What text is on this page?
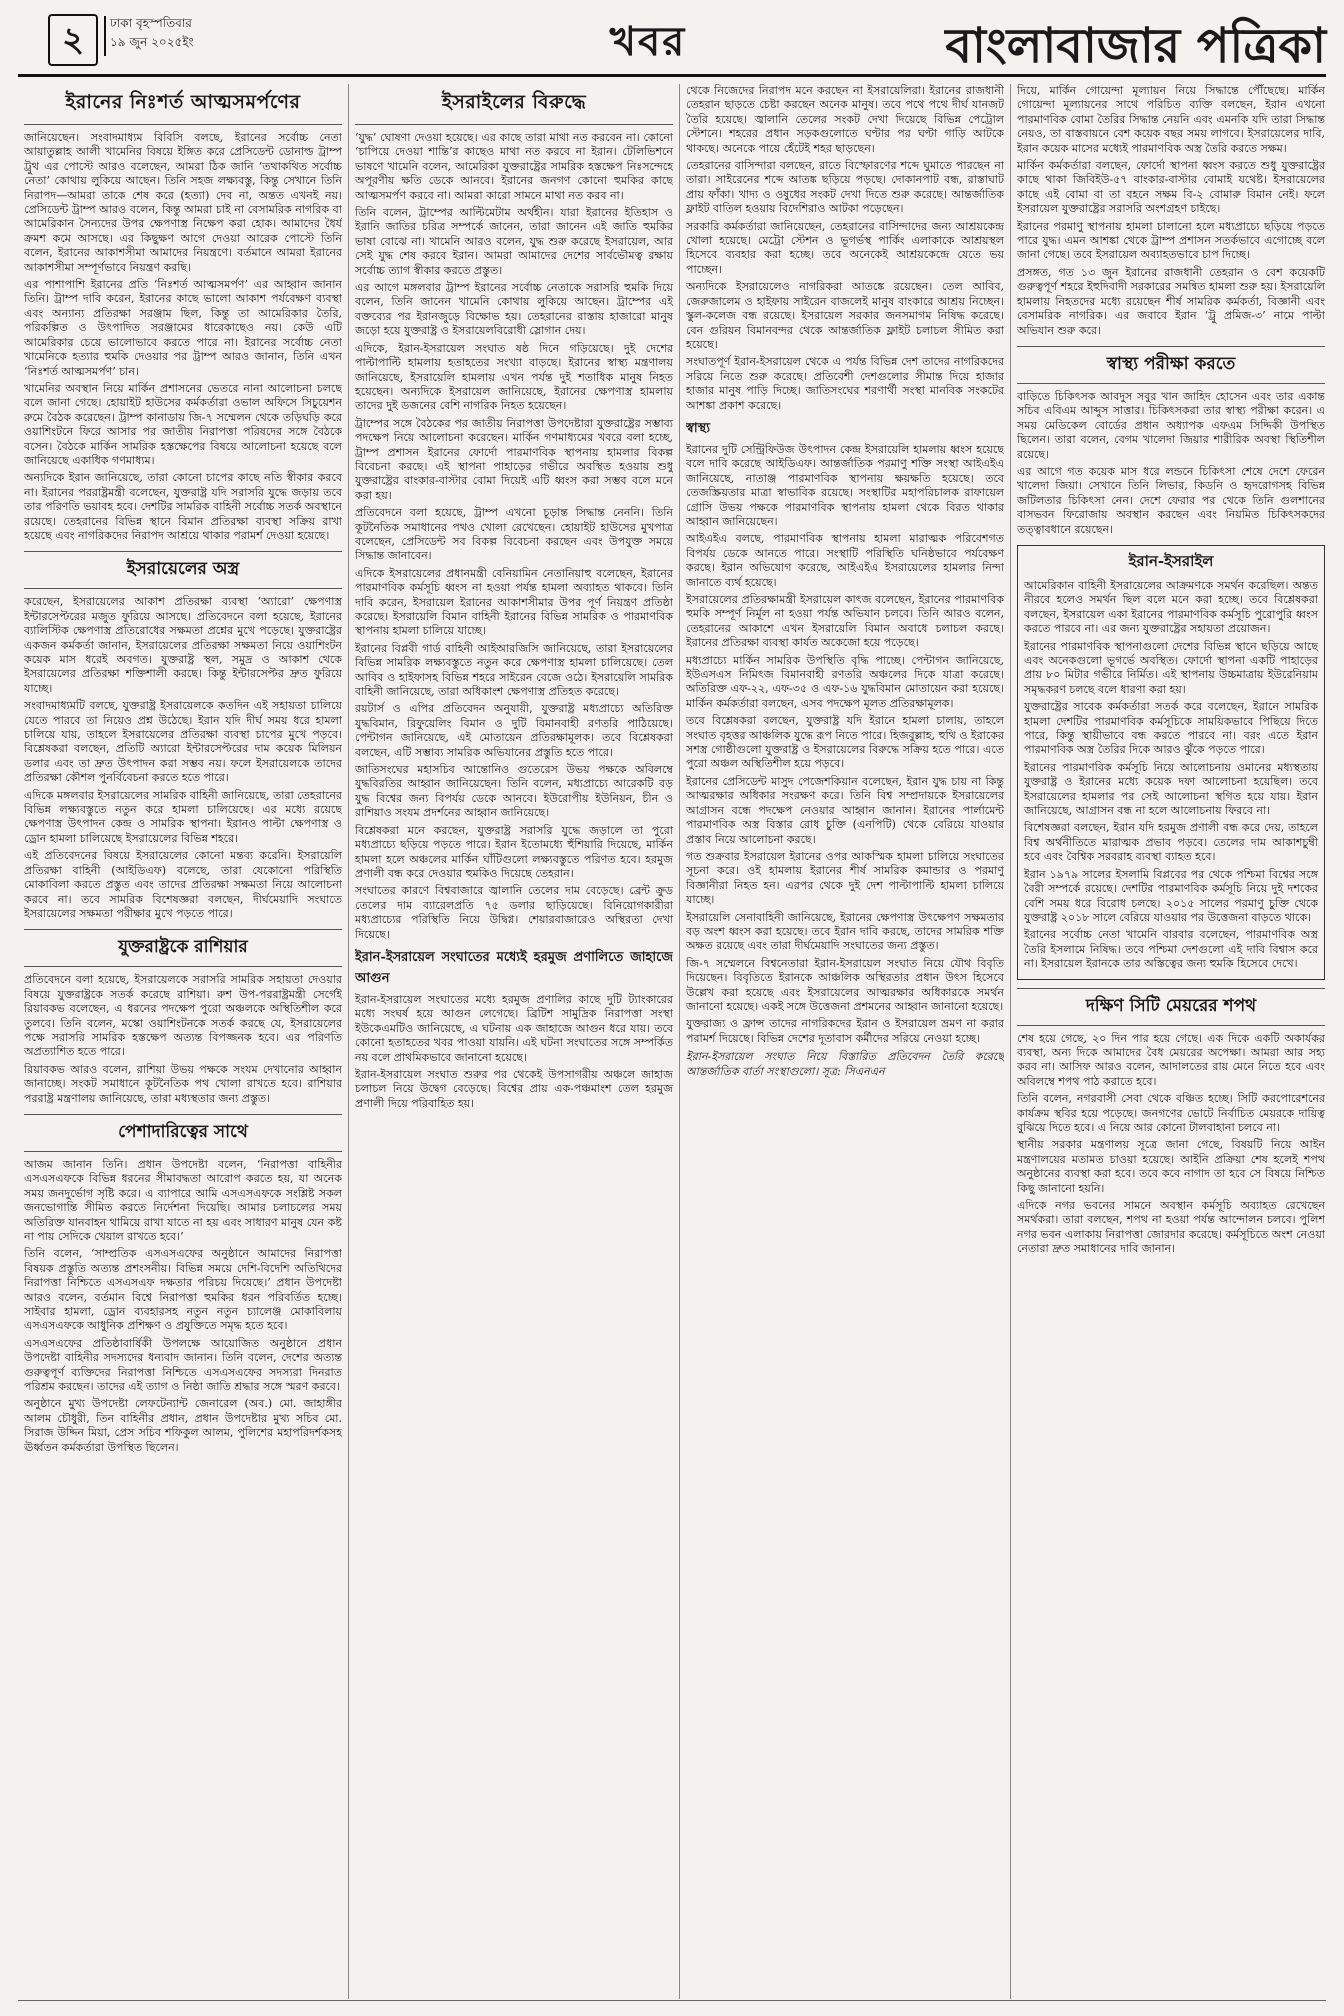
২	ঢাকা বৃহস্পতিবার
১৯ জুন ২০২৫ইং	খবর	বাংলাবাজার পত্রিকা
ইরানের নিঃশর্ত আত্মসমর্পণের

জানিয়েছেন। সংবাদমাধ্যম বিবিসি বলছে, ইরানের সর্বোচ্চ নেতা আয়াতুল্লাহ আলী খামেনির বিষয়ে ইঙ্গিত করে প্রেসিডেন্ট ডোনাল্ড ট্রাম্প ট্রুথ এর পোস্টে আরও বলেছেন, আমরা ঠিক জানি ‘তথাকথিত সর্বোচ্চ নেতা’ কোথায় লুকিয়ে আছেন। তিনি সহজ লক্ষ্যবস্তু, কিন্তু সেখানে তিনি নিরাপদ—আমরা তাকে শেষ করে (হত্যা) দেব না, অন্তত এখনই নয়। প্রেসিডেন্ট ট্রাম্প আরও বলেন, কিন্তু আমরা চাই না বেসামরিক নাগরিক বা আমেরিকান সৈন্যদের উপর ক্ষেপণাস্ত্র নিক্ষেপ করা হোক। আমাদের ধৈর্য ক্রমশ কমে আসছে। এর কিছুক্ষণ আগে দেওয়া আরেক পোস্টে তিনি বলেন, ইরানের আকাশসীমা আমাদের নিয়ন্ত্রণে। বর্তমানে আমরা ইরানের আকাশসীমা সম্পূর্ণভাবে নিয়ন্ত্রণ করছি।

এর পাশাপাশি ইরানের প্রতি ‘নিঃশর্ত আত্মসমর্পণ’ এর আহ্বান জানান তিনি। ট্রাম্প দাবি করেন, ইরানের কাছে ভালো আকাশ পর্যবেক্ষণ ব্যবস্থা এবং অন্যান্য প্রতিরক্ষা সরঞ্জাম ছিল, কিন্তু তা আমেরিকার তৈরি, পরিকল্পিত ও উৎপাদিত সরঞ্জামের ধারেকাছেও নয়। কেউ এটি আমেরিকার চেয়ে ভালোভাবে করতে পারে না। ইরানের সর্বোচ্চ নেতা খামেনিকে হত্যার হুমকি দেওয়ার পর ট্রাম্প আরও জানান, তিনি এখন ‘নিঃশর্ত আত্মসমর্পণ’ চান।

খামেনির অবস্থান নিয়ে মার্কিন প্রশাসনের ভেতরে নানা আলোচনা চলছে বলে জানা গেছে। হোয়াইট হাউসের কর্মকর্তারা ওভাল অফিসে সিচুয়েশন রুমে বৈঠক করেছেন। ট্রাম্প কানাডায় জি-৭ সম্মেলন থেকে তড়িঘড়ি করে ওয়াশিংটনে ফিরে আসার পর জাতীয় নিরাপত্তা পরিষদের সঙ্গে বৈঠকে বসেন। বৈঠকে মার্কিন সামরিক হস্তক্ষেপের বিষয়ে আলোচনা হয়েছে বলে জানিয়েছে একাধিক গণমাধ্যম।

অন্যদিকে ইরান জানিয়েছে, তারা কোনো চাপের কাছে নতি স্বীকার করবে না। ইরানের পররাষ্ট্রমন্ত্রী বলেছেন, যুক্তরাষ্ট্র যদি সরাসরি যুদ্ধে জড়ায় তবে তার পরিণতি ভয়াবহ হবে। দেশটির সামরিক বাহিনী সর্বোচ্চ সতর্ক অবস্থানে রয়েছে। তেহরানের বিভিন্ন স্থানে বিমান প্রতিরক্ষা ব্যবস্থা সক্রিয় রাখা হয়েছে এবং নাগরিকদের নিরাপদ আশ্রয়ে থাকার পরামর্শ দেওয়া হয়েছে।

ইসরায়েলের অস্ত্র

করেছেন, ইসরায়েলের আকাশ প্রতিরক্ষা ব্যবস্থা ‘অ্যারো’ ক্ষেপণাস্ত্র ইন্টারসেপ্টরের মজুত ফুরিয়ে আসছে। প্রতিবেদনে বলা হয়েছে, ইরানের ব্যালিস্টিক ক্ষেপণাস্ত্র প্রতিরোধের সক্ষমতা প্রশ্নের মুখে পড়েছে। যুক্তরাষ্ট্রের একজন কর্মকর্তা জানান, ইসরায়েলের প্রতিরক্ষা সক্ষমতা নিয়ে ওয়াশিংটন কয়েক মাস ধরেই অবগত। যুক্তরাষ্ট্র স্থল, সমুদ্র ও আকাশ থেকে ইসরায়েলের প্রতিরক্ষা শক্তিশালী করছে। কিন্তু ইন্টারসেপ্টর দ্রুত ফুরিয়ে যাচ্ছে।

সংবাদমাধ্যমটি বলছে, যুক্তরাষ্ট্র ইসরায়েলকে কতদিন এই সহায়তা চালিয়ে যেতে পারবে তা নিয়েও প্রশ্ন উঠেছে। ইরান যদি দীর্ঘ সময় ধরে হামলা চালিয়ে যায়, তাহলে ইসরায়েলের প্রতিরক্ষা ব্যবস্থা চাপের মুখে পড়বে। বিশ্লেষকরা বলছেন, প্রতিটি অ্যারো ইন্টারসেপ্টরের দাম কয়েক মিলিয়ন ডলার এবং তা দ্রুত উৎপাদন করা সম্ভব নয়। ফলে ইসরায়েলকে তাদের প্রতিরক্ষা কৌশল পুনর্বিবেচনা করতে হতে পারে।

এদিকে মঙ্গলবার ইসরায়েলের সামরিক বাহিনী জানিয়েছে, তারা তেহরানের বিভিন্ন লক্ষ্যবস্তুতে নতুন করে হামলা চালিয়েছে। এর মধ্যে রয়েছে ক্ষেপণাস্ত্র উৎপাদন কেন্দ্র ও সামরিক স্থাপনা। ইরানও পাল্টা ক্ষেপণাস্ত্র ও ড্রোন হামলা চালিয়েছে ইসরায়েলের বিভিন্ন শহরে।

এই প্রতিবেদনের বিষয়ে ইসরায়েলের কোনো মন্তব্য করেনি। ইসরায়েলি প্রতিরক্ষা বাহিনী (আইডিএফ) বলেছে, তারা যেকোনো পরিস্থিতি মোকাবিলা করতে প্রস্তুত এবং তাদের প্রতিরক্ষা সক্ষমতা নিয়ে আলোচনা করবে না। তবে সামরিক বিশেষজ্ঞরা বলছেন, দীর্ঘমেয়াদি সংঘাতে ইসরায়েলের সক্ষমতা পরীক্ষার মুখে পড়তে পারে।

যুক্তরাষ্ট্রকে রাশিয়ার

প্রতিবেদনে বলা হয়েছে, ইসরায়েলকে সরাসরি সামরিক সহায়তা দেওয়ার বিষয়ে যুক্তরাষ্ট্রকে সতর্ক করেছে রাশিয়া। রুশ উপ-পররাষ্ট্রমন্ত্রী সের্গেই রিয়াবকভ বলেছেন, এ ধরনের পদক্ষেপ পুরো অঞ্চলকে অস্থিতিশীল করে তুলবে। তিনি বলেন, মস্কো ওয়াশিংটনকে সতর্ক করছে যে, ইসরায়েলের পক্ষে সরাসরি সামরিক হস্তক্ষেপ অত্যন্ত বিপজ্জনক হবে। এর পরিণতি অপ্রত্যাশিত হতে পারে।

রিয়াবকভ আরও বলেন, রাশিয়া উভয় পক্ষকে সংযম দেখানোর আহ্বান জানাচ্ছে। সংকট সমাধানে কূটনৈতিক পথ খোলা রাখতে হবে। রাশিয়ার পররাষ্ট্র মন্ত্রণালয় জানিয়েছে, তারা মধ্যস্থতার জন্য প্রস্তুত।

পেশাদারিত্বের সাথে

আজম জানান তিনি। প্রধান উপদেষ্টা বলেন, ‘নিরাপত্তা বাহিনীর এসএসএফকে বিভিন্ন ধরনের সীমাবদ্ধতা আরোপ করতে হয়, যা অনেক সময় জনদুর্ভোগ সৃষ্টি করে। এ ব্যাপারে আমি এসএসএফকে সংশ্লিষ্ট সকল জনভোগান্তি সীমিত করতে নির্দেশনা দিয়েছি। আমার চলাচলের সময় অতিরিক্ত যানবাহন থামিয়ে রাখা যাতে না হয় এবং সাধারণ মানুষ যেন কষ্ট না পায় সেদিকে খেয়াল রাখতে হবে।’

তিনি বলেন, ‘সাম্প্রতিক এসএসএফের অনুষ্ঠানে আমাদের নিরাপত্তা বিষয়ক প্রস্তুতি অত্যন্ত প্রশংসনীয়। বিভিন্ন সময়ে দেশি-বিদেশি অতিথিদের নিরাপত্তা নিশ্চিতে এসএসএফ দক্ষতার পরিচয় দিয়েছে।’ প্রধান উপদেষ্টা আরও বলেন, বর্তমান বিশ্বে নিরাপত্তা হুমকির ধরন পরিবর্তিত হচ্ছে। সাইবার হামলা, ড্রোন ব্যবহারসহ নতুন নতুন চ্যালেঞ্জ মোকাবিলায় এসএসএফকে আধুনিক প্রশিক্ষণ ও প্রযুক্তিতে সমৃদ্ধ হতে হবে।

এসএসএফের প্রতিষ্ঠাবার্ষিকী উপলক্ষে আয়োজিত অনুষ্ঠানে প্রধান উপদেষ্টা বাহিনীর সদস্যদের ধন্যবাদ জানান। তিনি বলেন, দেশের অত্যন্ত গুরুত্বপূর্ণ ব্যক্তিদের নিরাপত্তা নিশ্চিতে এসএসএফের সদস্যরা দিনরাত পরিশ্রম করছেন। তাদের এই ত্যাগ ও নিষ্ঠা জাতি শ্রদ্ধার সঙ্গে স্মরণ করবে।

অনুষ্ঠানে মুখ্য উপদেষ্টা লেফটেন্যান্ট জেনারেল (অব.) মো. জাহাঙ্গীর আলম চৌধুরী, তিন বাহিনীর প্রধান, প্রধান উপদেষ্টার মুখ্য সচিব মো. সিরাজ উদ্দিন মিয়া, প্রেস সচিব শফিকুল আলম, পুলিশের মহাপরিদর্শকসহ ঊর্ধ্বতন কর্মকর্তারা উপস্থিত ছিলেন।

ইসরাইলের বিরুদ্ধে

‘যুদ্ধ’ ঘোষণা দেওয়া হয়েছে। এর কাছে তারা মাথা নত করবেন না। কোনো ‘চাপিয়ে দেওয়া শান্তি’র কাছেও মাথা নত করবে না ইরান। টেলিভিশনে ভাষণে খামেনি বলেন, আমেরিকা যুক্তরাষ্ট্রের সামরিক হস্তক্ষেপ নিঃসন্দেহে অপূরণীয় ক্ষতি ডেকে আনবে। ইরানের জনগণ কোনো হুমকির কাছে আত্মসমর্পণ করবে না। আমরা কারো সামনে মাথা নত করব না।

তিনি বলেন, ট্রাম্পের আল্টিমেটাম অর্থহীন। যারা ইরানের ইতিহাস ও ইরানি জাতির চরিত্র সম্পর্কে জানেন, তারা জানেন এই জাতি হুমকির ভাষা বোঝে না। খামেনি আরও বলেন, যুদ্ধ শুরু করেছে ইসরায়েল, আর সেই যুদ্ধ শেষ করবে ইরান। আমরা আমাদের দেশের সার্বভৌমত্ব রক্ষায় সর্বোচ্চ ত্যাগ স্বীকার করতে প্রস্তুত।

এর আগে মঙ্গলবার ট্রাম্প ইরানের সর্বোচ্চ নেতাকে সরাসরি হুমকি দিয়ে বলেন, তিনি জানেন খামেনি কোথায় লুকিয়ে আছেন। ট্রাম্পের এই বক্তব্যের পর ইরানজুড়ে বিক্ষোভ হয়। তেহরানের রাস্তায় হাজারো মানুষ জড়ো হয়ে যুক্তরাষ্ট্র ও ইসরায়েলবিরোধী স্লোগান দেয়।

এদিকে, ইরান-ইসরায়েল সংঘাত ষষ্ঠ দিনে গড়িয়েছে। দুই দেশের পাল্টাপাল্টি হামলায় হতাহতের সংখ্যা বাড়ছে। ইরানের স্বাস্থ্য মন্ত্রণালয় জানিয়েছে, ইসরায়েলি হামলায় এখন পর্যন্ত দুই শতাধিক মানুষ নিহত হয়েছেন। অন্যদিকে ইসরায়েল জানিয়েছে, ইরানের ক্ষেপণাস্ত্র হামলায় তাদের দুই ডজনের বেশি নাগরিক নিহত হয়েছেন।

ট্রাম্পের সঙ্গে বৈঠকের পর জাতীয় নিরাপত্তা উপদেষ্টারা যুক্তরাষ্ট্রের সম্ভাব্য পদক্ষেপ নিয়ে আলোচনা করেছেন। মার্কিন গণমাধ্যমের খবরে বলা হচ্ছে, ট্রাম্প প্রশাসন ইরানের ফোর্দো পারমাণবিক স্থাপনায় হামলার বিকল্প বিবেচনা করছে। এই স্থাপনা পাহাড়ের গভীরে অবস্থিত হওয়ায় শুধু যুক্তরাষ্ট্রের বাংকার-বাস্টার বোমা দিয়েই এটি ধ্বংস করা সম্ভব বলে মনে করা হয়।

প্রতিবেদনে বলা হয়েছে, ট্রাম্প এখনো চূড়ান্ত সিদ্ধান্ত নেননি। তিনি কূটনৈতিক সমাধানের পথও খোলা রেখেছেন। হোয়াইট হাউসের মুখপাত্র বলেছেন, প্রেসিডেন্ট সব বিকল্প বিবেচনা করছেন এবং উপযুক্ত সময়ে সিদ্ধান্ত জানাবেন।

এদিকে ইসরায়েলের প্রধানমন্ত্রী বেনিয়ামিন নেতানিয়াহু বলেছেন, ইরানের পারমাণবিক কর্মসূচি ধ্বংস না হওয়া পর্যন্ত হামলা অব্যাহত থাকবে। তিনি দাবি করেন, ইসরায়েল ইরানের আকাশসীমার উপর পূর্ণ নিয়ন্ত্রণ প্রতিষ্ঠা করেছে। ইসরায়েলি বিমান বাহিনী ইরানের বিভিন্ন সামরিক ও পারমাণবিক স্থাপনায় হামলা চালিয়ে যাচ্ছে।

ইরানের বিপ্লবী গার্ড বাহিনী আইআরজিসি জানিয়েছে, তারা ইসরায়েলের বিভিন্ন সামরিক লক্ষ্যবস্তুতে নতুন করে ক্ষেপণাস্ত্র হামলা চালিয়েছে। তেল আবিব ও হাইফাসহ বিভিন্ন শহরে সাইরেন বেজে ওঠে। ইসরায়েলি সামরিক বাহিনী জানিয়েছে, তারা অধিকাংশ ক্ষেপণাস্ত্র প্রতিহত করেছে।

রয়টার্স ও এপির প্রতিবেদন অনুযায়ী, যুক্তরাষ্ট্র মধ্যপ্রাচ্যে অতিরিক্ত যুদ্ধবিমান, রিফুয়েলিং বিমান ও দুটি বিমানবাহী রণতরি পাঠিয়েছে। পেন্টাগন জানিয়েছে, এই মোতায়েন প্রতিরক্ষামূলক। তবে বিশ্লেষকরা বলছেন, এটি সম্ভাব্য সামরিক অভিযানের প্রস্তুতি হতে পারে।

জাতিসংঘের মহাসচিব আন্তোনিও গুতেরেস উভয় পক্ষকে অবিলম্বে যুদ্ধবিরতির আহ্বান জানিয়েছেন। তিনি বলেন, মধ্যপ্রাচ্যে আরেকটি বড় যুদ্ধ বিশ্বের জন্য বিপর্যয় ডেকে আনবে। ইউরোপীয় ইউনিয়ন, চীন ও রাশিয়াও সংযম প্রদর্শনের আহ্বান জানিয়েছে।

বিশ্লেষকরা মনে করছেন, যুক্তরাষ্ট্র সরাসরি যুদ্ধে জড়ালে তা পুরো মধ্যপ্রাচ্যে ছড়িয়ে পড়তে পারে। ইরান ইতোমধ্যে হুঁশিয়ারি দিয়েছে, মার্কিন হামলা হলে অঞ্চলের মার্কিন ঘাঁটিগুলো লক্ষ্যবস্তুতে পরিণত হবে। হরমুজ প্রণালী বন্ধ করে দেওয়ার হুমকিও দিয়েছে তেহরান।

সংঘাতের কারণে বিশ্ববাজারে জ্বালানি তেলের দাম বেড়েছে। ব্রেন্ট ক্রুড তেলের দাম ব্যারেলপ্রতি ৭৫ ডলার ছাড়িয়েছে। বিনিয়োগকারীরা মধ্যপ্রাচ্যের পরিস্থিতি নিয়ে উদ্বিগ্ন। শেয়ারবাজারেও অস্থিরতা দেখা দিয়েছে।

ইরান-ইসরায়েল সংঘাতের মধ্যেই হরমুজ প্রণালিতে জাহাজে আগুন

ইরান-ইসরায়েল সংঘাতের মধ্যে হরমুজ প্রণালির কাছে দুটি ট্যাংকারের মধ্যে সংঘর্ষ হয়ে আগুন লেগেছে। ব্রিটিশ সামুদ্রিক নিরাপত্তা সংস্থা ইউকেএমটিও জানিয়েছে, এ ঘটনায় এক জাহাজে আগুন ধরে যায়। তবে কোনো হতাহতের খবর পাওয়া যায়নি। এই ঘটনা সংঘাতের সঙ্গে সম্পর্কিত নয় বলে প্রাথমিকভাবে জানানো হয়েছে।

ইরান-ইসরায়েল সংঘাত শুরুর পর থেকেই উপসাগরীয় অঞ্চলে জাহাজ চলাচল নিয়ে উদ্বেগ বেড়েছে। বিশ্বের প্রায় এক-পঞ্চমাংশ তেল হরমুজ প্রণালী দিয়ে পরিবাহিত হয়।

থেকে নিজেদের নিরাপদ মনে করছেন না ইসরায়েলিরা। ইরানের রাজধানী তেহরান ছাড়তে চেষ্টা করছেন অনেক মানুষ। তবে পথে পথে দীর্ঘ যানজট তৈরি হয়েছে। জ্বালানি তেলের সংকট দেখা দিয়েছে বিভিন্ন পেট্রোল স্টেশনে। শহরের প্রধান সড়কগুলোতে ঘণ্টার পর ঘণ্টা গাড়ি আটকে থাকছে। অনেকে পায়ে হেঁটেই শহর ছাড়ছেন।

তেহরানের বাসিন্দারা বলছেন, রাতে বিস্ফোরণের শব্দে ঘুমাতে পারছেন না তারা। সাইরেনের শব্দে আতঙ্ক ছড়িয়ে পড়ছে। দোকানপাট বন্ধ, রাস্তাঘাট প্রায় ফাঁকা। খাদ্য ও ওষুধের সংকট দেখা দিতে শুরু করেছে। আন্তর্জাতিক ফ্লাইট বাতিল হওয়ায় বিদেশিরাও আটকা পড়েছেন।

সরকারি কর্মকর্তারা জানিয়েছেন, তেহরানের বাসিন্দাদের জন্য আশ্রয়কেন্দ্র খোলা হয়েছে। মেট্রো স্টেশন ও ভূগর্ভস্থ পার্কিং এলাকাকে আশ্রয়স্থল হিসেবে ব্যবহার করা হচ্ছে। তবে অনেকেই আশ্রয়কেন্দ্রে যেতে ভয় পাচ্ছেন।

অন্যদিকে ইসরায়েলেও নাগরিকরা আতঙ্কে রয়েছেন। তেল আবিব, জেরুজালেম ও হাইফায় সাইরেন বাজলেই মানুষ বাংকারে আশ্রয় নিচ্ছেন। স্কুল-কলেজ বন্ধ রয়েছে। ইসরায়েল সরকার জনসমাগম নিষিদ্ধ করেছে। বেন গুরিয়ন বিমানবন্দর থেকে আন্তর্জাতিক ফ্লাইট চলাচল সীমিত করা হয়েছে।

সংঘাতপূর্ণ ইরান-ইসরায়েল থেকে এ পর্যন্ত বিভিন্ন দেশ তাদের নাগরিকদের সরিয়ে নিতে শুরু করেছে। প্রতিবেশী দেশগুলোর সীমান্ত দিয়ে হাজার হাজার মানুষ পাড়ি দিচ্ছে। জাতিসংঘের শরণার্থী সংস্থা মানবিক সংকটের আশঙ্কা প্রকাশ করেছে।

স্বাস্থ্য

ইরানের দুটি সেন্ট্রিফিউজ উৎপাদন কেন্দ্র ইসরায়েলি হামলায় ধ্বংস হয়েছে বলে দাবি করেছে আইডিএফ। আন্তর্জাতিক পরমাণু শক্তি সংস্থা আইএইএ জানিয়েছে, নাতাঞ্জ পারমাণবিক স্থাপনায় ক্ষয়ক্ষতি হয়েছে। তবে তেজস্ক্রিয়তার মাত্রা স্বাভাবিক রয়েছে। সংস্থাটির মহাপরিচালক রাফায়েল গ্রোসি উভয় পক্ষকে পারমাণবিক স্থাপনায় হামলা থেকে বিরত থাকার আহ্বান জানিয়েছেন।

আইএইএ বলছে, পারমাণবিক স্থাপনায় হামলা মারাত্মক পরিবেশগত বিপর্যয় ডেকে আনতে পারে। সংস্থাটি পরিস্থিতি ঘনিষ্ঠভাবে পর্যবেক্ষণ করছে। ইরান অভিযোগ করেছে, আইএইএ ইসরায়েলের হামলার নিন্দা জানাতে ব্যর্থ হয়েছে।

ইসরায়েলের প্রতিরক্ষামন্ত্রী ইসরায়েল কাৎজ বলেছেন, ইরানের পারমাণবিক হুমকি সম্পূর্ণ নির্মূল না হওয়া পর্যন্ত অভিযান চলবে। তিনি আরও বলেন, তেহরানের আকাশে এখন ইসরায়েলি বিমান অবাধে চলাচল করছে। ইরানের প্রতিরক্ষা ব্যবস্থা কার্যত অকেজো হয়ে পড়েছে।

মধ্যপ্রাচ্যে মার্কিন সামরিক উপস্থিতি বৃদ্ধি পাচ্ছে। পেন্টাগন জানিয়েছে, ইউএসএস নিমিৎজ বিমানবাহী রণতরি অঞ্চলের দিকে যাত্রা করেছে। অতিরিক্ত এফ-২২, এফ-৩৫ ও এফ-১৬ যুদ্ধবিমান মোতায়েন করা হয়েছে। মার্কিন কর্মকর্তারা বলছেন, এসব পদক্ষেপ মূলত প্রতিরক্ষামূলক।

তবে বিশ্লেষকরা বলছেন, যুক্তরাষ্ট্র যদি ইরানে হামলা চালায়, তাহলে সংঘাত বৃহত্তর আঞ্চলিক যুদ্ধে রূপ নিতে পারে। হিজবুল্লাহ, হুথি ও ইরাকের সশস্ত্র গোষ্ঠীগুলো যুক্তরাষ্ট্র ও ইসরায়েলের বিরুদ্ধে সক্রিয় হতে পারে। এতে পুরো অঞ্চল অস্থিতিশীল হয়ে পড়বে।

ইরানের প্রেসিডেন্ট মাসুদ পেজেশকিয়ান বলেছেন, ইরান যুদ্ধ চায় না কিন্তু আত্মরক্ষার অধিকার সংরক্ষণ করে। তিনি বিশ্ব সম্প্রদায়কে ইসরায়েলের আগ্রাসন বন্ধে পদক্ষেপ নেওয়ার আহ্বান জানান। ইরানের পার্লামেন্ট পারমাণবিক অস্ত্র বিস্তার রোধ চুক্তি (এনপিটি) থেকে বেরিয়ে যাওয়ার প্রস্তাব নিয়ে আলোচনা করছে।

গত শুক্রবার ইসরায়েল ইরানের ওপর আকস্মিক হামলা চালিয়ে সংঘাতের সূচনা করে। ওই হামলায় ইরানের শীর্ষ সামরিক কমান্ডার ও পরমাণু বিজ্ঞানীরা নিহত হন। এরপর থেকে দুই দেশ পাল্টাপাল্টি হামলা চালিয়ে যাচ্ছে।

ইসরায়েলি সেনাবাহিনী জানিয়েছে, ইরানের ক্ষেপণাস্ত্র উৎক্ষেপণ সক্ষমতার বড় অংশ ধ্বংস করা হয়েছে। তবে ইরান দাবি করছে, তাদের সামরিক শক্তি অক্ষত রয়েছে এবং তারা দীর্ঘমেয়াদি সংঘাতের জন্য প্রস্তুত।

জি-৭ সম্মেলনে বিশ্বনেতারা ইরান-ইসরায়েল সংঘাত নিয়ে যৌথ বিবৃতি দিয়েছেন। বিবৃতিতে ইরানকে আঞ্চলিক অস্থিরতার প্রধান উৎস হিসেবে উল্লেখ করা হয়েছে এবং ইসরায়েলের আত্মরক্ষার অধিকারকে সমর্থন জানানো হয়েছে। একই সঙ্গে উত্তেজনা প্রশমনের আহ্বান জানানো হয়েছে।

যুক্তরাজ্য ও ফ্রান্স তাদের নাগরিকদের ইরান ও ইসরায়েল ভ্রমণ না করার পরামর্শ দিয়েছে। বিভিন্ন দেশের দূতাবাস কর্মীদের সরিয়ে নেওয়া হচ্ছে।

ইরান-ইসরায়েল সংঘাত নিয়ে বিস্তারিত প্রতিবেদন তৈরি করেছে আন্তর্জাতিক বার্তা সংস্থাগুলো। সূত্র: সিএনএন

দিয়ে, মার্কিন গোয়েন্দা মূল্যায়ন নিয়ে সিদ্ধান্তে পৌঁছেছে। মার্কিন গোয়েন্দা মূল্যায়নের সাথে পরিচিত ব্যক্তি বলছেন, ইরান এখনো পারমাণবিক বোমা তৈরির সিদ্ধান্ত নেয়নি এবং এমনকি যদি তারা সিদ্ধান্ত নেয়ও, তা বাস্তবায়নে বেশ কয়েক বছর সময় লাগবে। ইসরায়েলের দাবি, ইরান কয়েক মাসের মধ্যেই পারমাণবিক অস্ত্র তৈরি করতে সক্ষম।

মার্কিন কর্মকর্তারা বলছেন, ফোর্দো স্থাপনা ধ্বংস করতে শুধু যুক্তরাষ্ট্রের কাছে থাকা জিবিইউ-৫৭ বাংকার-বাস্টার বোমাই যথেষ্ট। ইসরায়েলের কাছে এই বোমা বা তা বহনে সক্ষম বি-২ বোমারু বিমান নেই। ফলে ইসরায়েল যুক্তরাষ্ট্রের সরাসরি অংশগ্রহণ চাইছে।

ইরানের পরমাণু স্থাপনায় হামলা চালানো হলে মধ্যপ্রাচ্যে ছড়িয়ে পড়তে পারে যুদ্ধ। এমন আশঙ্কা থেকে ট্রাম্প প্রশাসন সতর্কভাবে এগোচ্ছে বলে জানা গেছে। তবে ইসরায়েল অব্যাহতভাবে চাপ দিচ্ছে।

প্রসঙ্গত, গত ১৩ জুন ইরানের রাজধানী তেহরান ও বেশ কয়েকটি গুরুত্বপূর্ণ শহরে ইহুদিবাদী সরকারের সমন্বিত হামলা শুরু হয়। ইসরায়েলি হামলায় নিহতদের মধ্যে রয়েছেন শীর্ষ সামরিক কর্মকর্তা, বিজ্ঞানী এবং বেসামরিক নাগরিক। এর জবাবে ইরান ‘ট্রু প্রমিজ-৩’ নামে পাল্টা অভিযান শুরু করে।

স্বাস্থ্য পরীক্ষা করতে

বাড়িতে চিকিৎসক আবদুস সবুর খান জাহিদ হোসেন এবং তার একান্ত সচিব এবিএম আব্দুস সাত্তার। চিকিৎসকরা তার স্বাস্থ্য পরীক্ষা করেন। এ সময় মেডিকেল বোর্ডের প্রধান অধ্যাপক এফএম সিদ্দিকী উপস্থিত ছিলেন। তারা বলেন, বেগম খালেদা জিয়ার শারীরিক অবস্থা স্থিতিশীল রয়েছে।

এর আগে গত কয়েক মাস ধরে লন্ডনে চিকিৎসা শেষে দেশে ফেরেন খালেদা জিয়া। সেখানে তিনি লিভার, কিডনি ও হৃদরোগসহ বিভিন্ন জটিলতার চিকিৎসা নেন। দেশে ফেরার পর থেকে তিনি গুলশানের বাসভবন ফিরোজায় অবস্থান করছেন এবং নিয়মিত চিকিৎসকদের তত্ত্বাবধানে রয়েছেন।

ইরান-ইসরাইল

আমেরিকান বাহিনী ইসরায়েলের আক্রমণকে সমর্থন করেছিল। অন্তত নীরবে হলেও সমর্থন ছিল বলে মনে করা হচ্ছে। তবে বিশ্লেষকরা বলছেন, ইসরায়েল একা ইরানের পারমাণবিক কর্মসূচি পুরোপুরি ধ্বংস করতে পারবে না। এর জন্য যুক্তরাষ্ট্রের সহায়তা প্রয়োজন।

ইরানের পারমাণবিক স্থাপনাগুলো দেশের বিভিন্ন স্থানে ছড়িয়ে আছে এবং অনেকগুলো ভূগর্ভে অবস্থিত। ফোর্দো স্থাপনা একটি পাহাড়ের প্রায় ৮০ মিটার গভীরে নির্মিত। এই স্থাপনায় উচ্চমাত্রায় ইউরেনিয়াম সমৃদ্ধকরণ চলছে বলে ধারণা করা হয়।

যুক্তরাষ্ট্রের সাবেক কর্মকর্তারা সতর্ক করে বলেছেন, ইরানে সামরিক হামলা দেশটির পারমাণবিক কর্মসূচিকে সাময়িকভাবে পিছিয়ে দিতে পারে, কিন্তু স্থায়ীভাবে বন্ধ করতে পারবে না। বরং এতে ইরান পারমাণবিক অস্ত্র তৈরির দিকে আরও ঝুঁকে পড়তে পারে।

ইরানের পারমাণবিক কর্মসূচি নিয়ে আলোচনায় ওমানের মধ্যস্থতায় যুক্তরাষ্ট্র ও ইরানের মধ্যে কয়েক দফা আলোচনা হয়েছিল। তবে ইসরায়েলের হামলার পর সেই আলোচনা স্থগিত হয়ে যায়। ইরান জানিয়েছে, আগ্রাসন বন্ধ না হলে আলোচনায় ফিরবে না।

বিশেষজ্ঞরা বলছেন, ইরান যদি হরমুজ প্রণালী বন্ধ করে দেয়, তাহলে বিশ্ব অর্থনীতিতে মারাত্মক প্রভাব পড়বে। তেলের দাম আকাশচুম্বী হবে এবং বৈশ্বিক সরবরাহ ব্যবস্থা ব্যাহত হবে।

ইরান ১৯৭৯ সালের ইসলামি বিপ্লবের পর থেকে পশ্চিমা বিশ্বের সঙ্গে বৈরী সম্পর্কে রয়েছে। দেশটির পারমাণবিক কর্মসূচি নিয়ে দুই দশকের বেশি সময় ধরে বিরোধ চলছে। ২০১৫ সালের পরমাণু চুক্তি থেকে যুক্তরাষ্ট্র ২০১৮ সালে বেরিয়ে যাওয়ার পর উত্তেজনা বাড়তে থাকে।

ইরানের সর্বোচ্চ নেতা খামেনি বারবার বলেছেন, পারমাণবিক অস্ত্র তৈরি ইসলামে নিষিদ্ধ। তবে পশ্চিমা দেশগুলো এই দাবি বিশ্বাস করে না। ইসরায়েল ইরানকে তার অস্তিত্বের জন্য হুমকি হিসেবে দেখে।

দক্ষিণ সিটি মেয়রের শপথ

শেষ হয়ে গেছে, ২০ দিন পার হয়ে গেছে। এক দিকে একটি অকার্যকর ব্যবস্থা, অন্য দিকে আমাদের বৈধ মেয়রের অপেক্ষা। আমরা আর সহ্য করব না। আসিফ আরও বলেন, আদালতের রায় মেনে নিতে হবে এবং অবিলম্বে শপথ পাঠ করাতে হবে।

তিনি বলেন, নগরবাসী সেবা থেকে বঞ্চিত হচ্ছে। সিটি করপোরেশনের কার্যক্রম স্থবির হয়ে পড়েছে। জনগণের ভোটে নির্বাচিত মেয়রকে দায়িত্ব বুঝিয়ে দিতে হবে। এ নিয়ে আর কোনো টালবাহানা চলবে না।

স্থানীয় সরকার মন্ত্রণালয় সূত্রে জানা গেছে, বিষয়টি নিয়ে আইন মন্ত্রণালয়ের মতামত চাওয়া হয়েছে। আইনি প্রক্রিয়া শেষ হলেই শপথ অনুষ্ঠানের ব্যবস্থা করা হবে। তবে কবে নাগাদ তা হবে সে বিষয়ে নিশ্চিত কিছু জানানো হয়নি।

এদিকে নগর ভবনের সামনে অবস্থান কর্মসূচি অব্যাহত রেখেছেন সমর্থকরা। তারা বলছেন, শপথ না হওয়া পর্যন্ত আন্দোলন চলবে। পুলিশ নগর ভবন এলাকায় নিরাপত্তা জোরদার করেছে। কর্মসূচিতে অংশ নেওয়া নেতারা দ্রুত সমাধানের দাবি জানান।
